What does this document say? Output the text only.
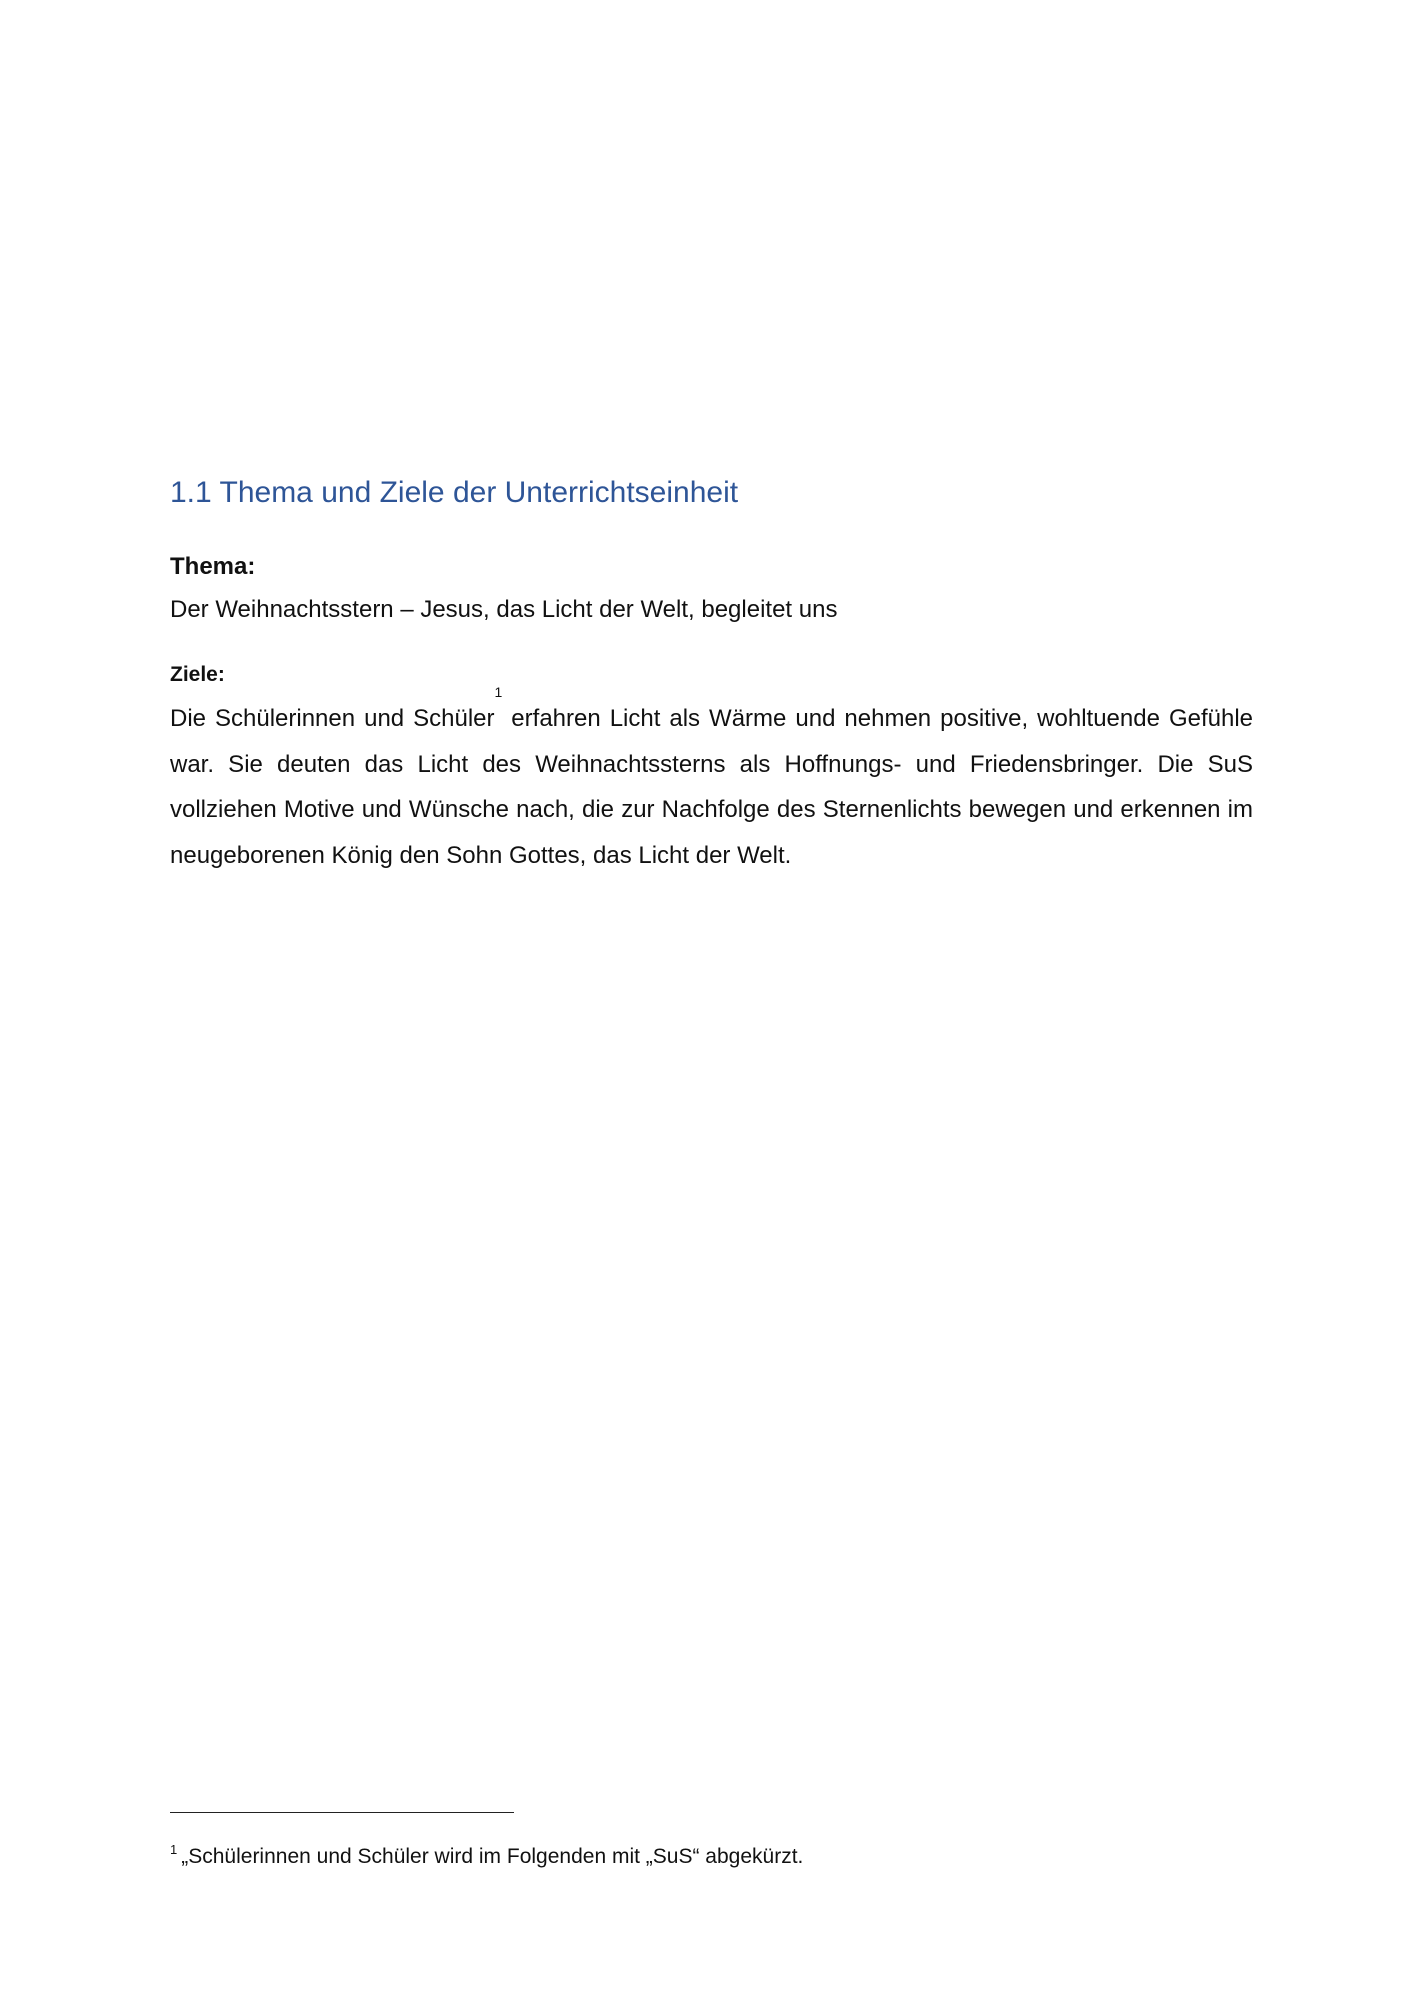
1.1 Thema und Ziele der Unterrichtseinheit
Thema:
Der Weihnachtsstern – Jesus, das Licht der Welt, begleitet uns
Ziele:

Die Schülerinnen und Schüler$^1$ erfahren Licht als Wärme und nehmen positive, wohltuende Gefühle war. Sie deuten das Licht des Weihnachtssterns als Hoffnungs- und Friedensbringer. Die SuS vollziehen Motive und Wünsche nach, die zur Nachfolge des Sternenlichts bewegen und erkennen im neugeborenen König den Sohn Gottes, das Licht der Welt.

$^1$ „Schülerinnen und Schüler wird im Folgenden mit „SuS“ abgekürzt.
